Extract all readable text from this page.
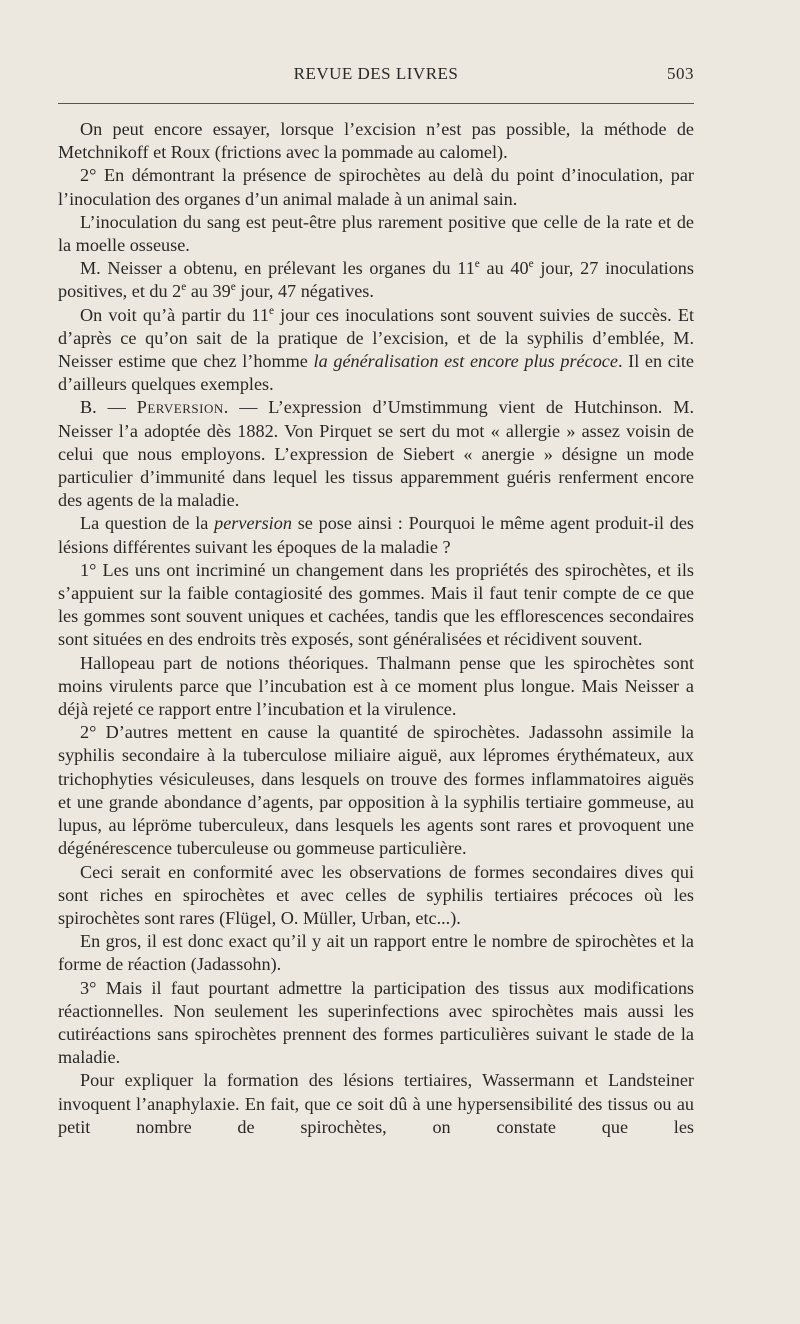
REVUE DES LIVRES	503

On peut encore essayer, lorsque l’excision n’est pas possible, la méthode de Metchnikoff et Roux (frictions avec la pommade au calomel).

2° En démontrant la présence de spirochètes au delà du point d’inoculation, par l’inoculation des organes d’un animal malade à un animal sain.

L’inoculation du sang est peut-être plus rarement positive que celle de la rate et de la moelle osseuse.

M. Neisser a obtenu, en prélevant les organes du 11e au 40e jour, 27 inoculations positives, et du 2e au 39e jour, 47 négatives.

On voit qu’à partir du 11e jour ces inoculations sont souvent suivies de succès. Et d’après ce qu’on sait de la pratique de l’excision, et de la syphilis d’emblée, M. Neisser estime que chez l’homme la généralisation est encore plus précoce. Il en cite d’ailleurs quelques exemples.

B. — Perversion. — L’expression d’Umstimmung vient de Hutchinson. M. Neisser l’a adoptée dès 1882. Von Pirquet se sert du mot « allergie » assez voisin de celui que nous employons. L’expression de Siebert « anergie » désigne un mode particulier d’immunité dans lequel les tissus apparemment guéris renferment encore des agents de la maladie.

La question de la perversion se pose ainsi : Pourquoi le même agent produit-il des lésions différentes suivant les époques de la maladie ?

1° Les uns ont incriminé un changement dans les propriétés des spirochètes, et ils s’appuient sur la faible contagiosité des gommes. Mais il faut tenir compte de ce que les gommes sont souvent uniques et cachées, tandis que les efflorescences secondaires sont situées en des endroits très exposés, sont généralisées et récidivent souvent.

Hallopeau part de notions théoriques. Thalmann pense que les spirochètes sont moins virulents parce que l’incubation est à ce moment plus longue. Mais Neisser a déjà rejeté ce rapport entre l’incubation et la virulence.

2° D’autres mettent en cause la quantité de spirochètes. Jadassohn assimile la syphilis secondaire à la tuberculose miliaire aiguë, aux lépromes érythémateux, aux trichophyties vésiculeuses, dans lesquels on trouve des formes inflammatoires aiguës et une grande abondance d’agents, par opposition à la syphilis tertiaire gommeuse, au lupus, au lépröme tuberculeux, dans lesquels les agents sont rares et provoquent une dégénérescence tuberculeuse ou gommeuse particulière.

Ceci serait en conformité avec les observations de formes secondaires dives qui sont riches en spirochètes et avec celles de syphilis tertiaires précoces où les spirochètes sont rares (Flügel, O. Müller, Urban, etc...).

En gros, il est donc exact qu’il y ait un rapport entre le nombre de spirochètes et la forme de réaction (Jadassohn).

3° Mais il faut pourtant admettre la participation des tissus aux modifications réactionnelles. Non seulement les superinfections avec spirochètes mais aussi les cutiréactions sans spirochètes prennent des formes particulières suivant le stade de la maladie.

Pour expliquer la formation des lésions tertiaires, Wassermann et Landsteiner invoquent l’anaphylaxie. En fait, que ce soit dû à une hypersensibilité des tissus ou au petit nombre de spirochètes, on constate que les
